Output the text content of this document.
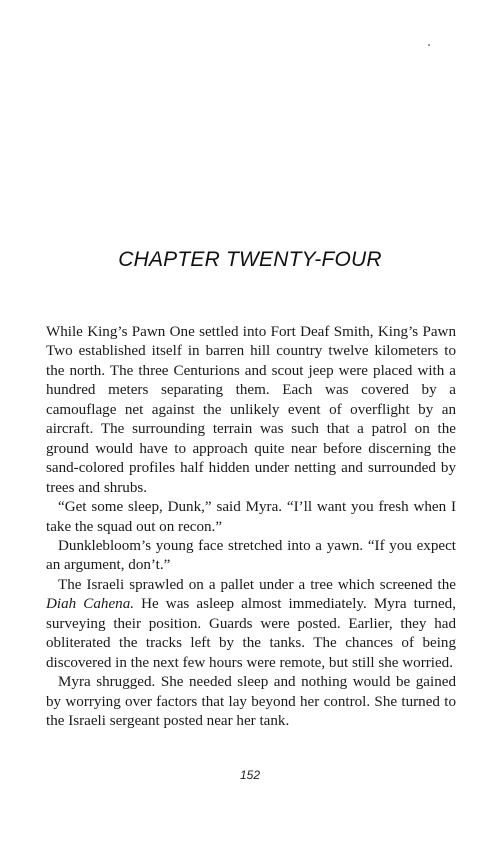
CHAPTER TWENTY-FOUR

While King’s Pawn One settled into Fort Deaf Smith, King’s Pawn Two established itself in barren hill country twelve kilometers to the north. The three Centurions and scout jeep were placed with a hundred meters separating them. Each was covered by a camouflage net against the unlikely event of overflight by an aircraft. The surrounding terrain was such that a patrol on the ground would have to approach quite near before discerning the sand-colored profiles half hidden under netting and surrounded by trees and shrubs.

“Get some sleep, Dunk,” said Myra. “I’ll want you fresh when I take the squad out on recon.”

Dunklebloom’s young face stretched into a yawn. “If you expect an argument, don’t.”

The Israeli sprawled on a pallet under a tree which screened the Diah Cahena. He was asleep almost immediately. Myra turned, surveying their position. Guards were posted. Earlier, they had obliterated the tracks left by the tanks. The chances of being discovered in the next few hours were remote, but still she worried.

Myra shrugged. She needed sleep and nothing would be gained by worrying over factors that lay beyond her control. She turned to the Israeli sergeant posted near her tank.

152
